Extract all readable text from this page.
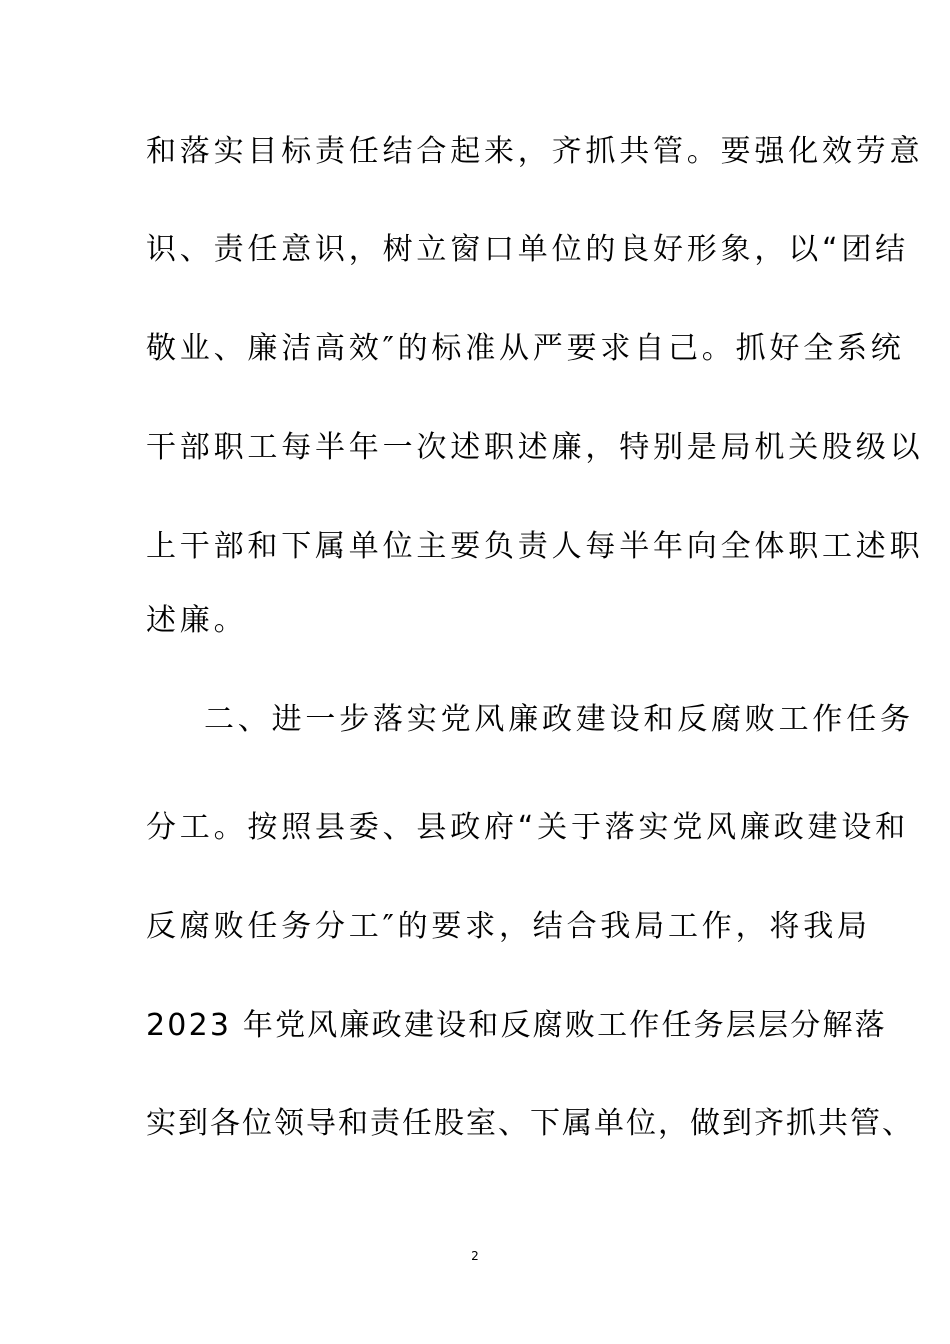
和落实目标责任结合起来，齐抓共管。要强化效劳意
识、责任意识，树立窗口单位的良好形象，以“团结
敬业、廉洁高效″的标准从严要求自己。抓好全系统
干部职工每半年一次述职述廉，特别是局机关股级以
上干部和下属单位主要负责人每半年向全体职工述职
述廉。
二、进一步落实党风廉政建设和反腐败工作任务
分工。按照县委、县政府“关于落实党风廉政建设和
反腐败任务分工″的要求，结合我局工作，将我局
2023 年党风廉政建设和反腐败工作任务层层分解落
实到各位领导和责任股室、下属单位，做到齐抓共管、
2
